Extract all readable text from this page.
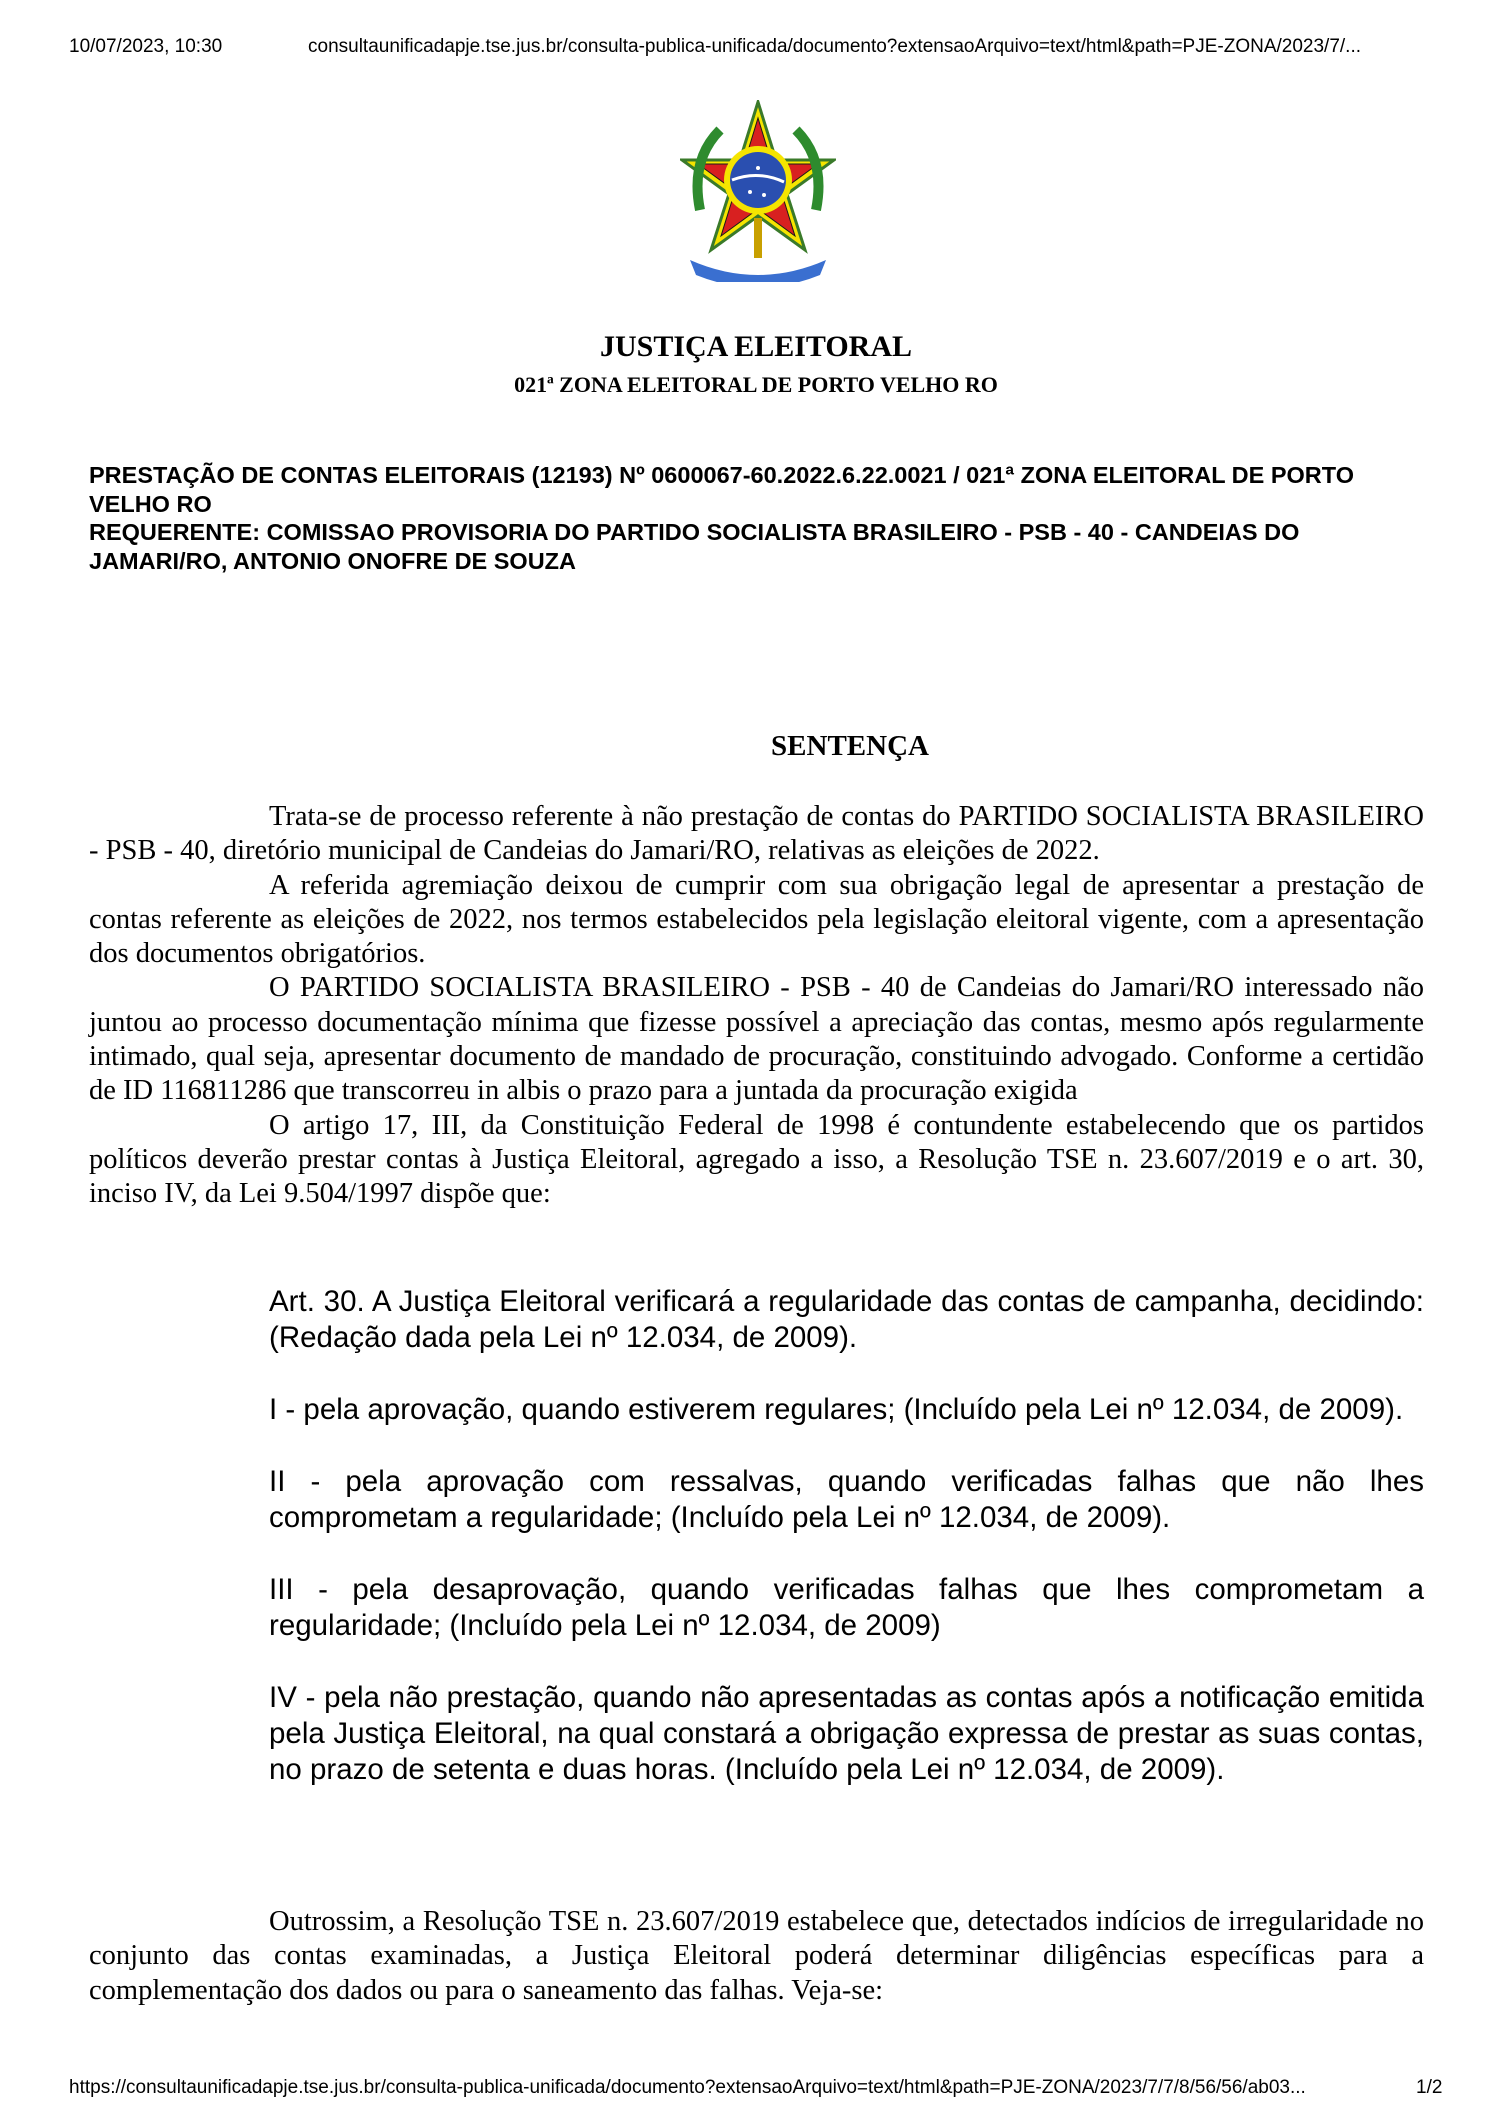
10/07/2023, 10:30	consultaunificadapje.tse.jus.br/consulta-publica-unificada/documento?extensaoArquivo=text/html&path=PJE-ZONA/2023/7/...
JUSTIÇA ELEITORAL
021ª ZONA ELEITORAL DE PORTO VELHO RO
PRESTAÇÃO DE CONTAS ELEITORAIS (12193) Nº 0600067-60.2022.6.22.0021 / 021ª ZONA ELEITORAL DE PORTO VELHO RO
REQUERENTE: COMISSAO PROVISORIA DO PARTIDO SOCIALISTA BRASILEIRO - PSB - 40 - CANDEIAS DO JAMARI/RO, ANTONIO ONOFRE DE SOUZA
SENTENÇA

Trata-se de processo referente à não prestação de contas do PARTIDO SOCIALISTA BRASILEIRO - PSB - 40, diretório municipal de Candeias do Jamari/RO, relativas as eleições de 2022.

A referida agremiação deixou de cumprir com sua obrigação legal de apresentar a prestação de contas referente as eleições de 2022, nos termos estabelecidos pela legislação eleitoral vigente, com a apresentação dos documentos obrigatórios.

O PARTIDO SOCIALISTA BRASILEIRO - PSB - 40 de Candeias do Jamari/RO interessado não juntou ao processo documentação mínima que fizesse possível a apreciação das contas, mesmo após regularmente intimado, qual seja, apresentar documento de mandado de procuração, constituindo advogado. Conforme a certidão de ID 116811286 que transcorreu in albis o prazo para a juntada da procuração exigida

O artigo 17, III, da Constituição Federal de 1998 é contundente estabelecendo que os partidos políticos deverão prestar contas à Justiça Eleitoral, agregado a isso, a Resolução TSE n. 23.607/2019 e o art. 30, inciso IV, da Lei 9.504/1997 dispõe que:

Art. 30. A Justiça Eleitoral verificará a regularidade das contas de campanha, decidindo: (Redação dada pela Lei nº 12.034, de 2009).

I - pela aprovação, quando estiverem regulares; (Incluído pela Lei nº 12.034, de 2009).

II - pela aprovação com ressalvas, quando verificadas falhas que não lhes comprometam a regularidade; (Incluído pela Lei nº 12.034, de 2009).

III - pela desaprovação, quando verificadas falhas que lhes comprometam a regularidade; (Incluído pela Lei nº 12.034, de 2009)

IV - pela não prestação, quando não apresentadas as contas após a notificação emitida pela Justiça Eleitoral, na qual constará a obrigação expressa de prestar as suas contas, no prazo de setenta e duas horas. (Incluído pela Lei nº 12.034, de 2009).

Outrossim, a Resolução TSE n. 23.607/2019 estabelece que, detectados indícios de irregularidade no conjunto das contas examinadas, a Justiça Eleitoral poderá determinar diligências específicas para a complementação dos dados ou para o saneamento das falhas. Veja-se:

https://consultaunificadapje.tse.jus.br/consulta-publica-unificada/documento?extensaoArquivo=text/html&path=PJE-ZONA/2023/7/7/8/56/56/ab03...	1/2
